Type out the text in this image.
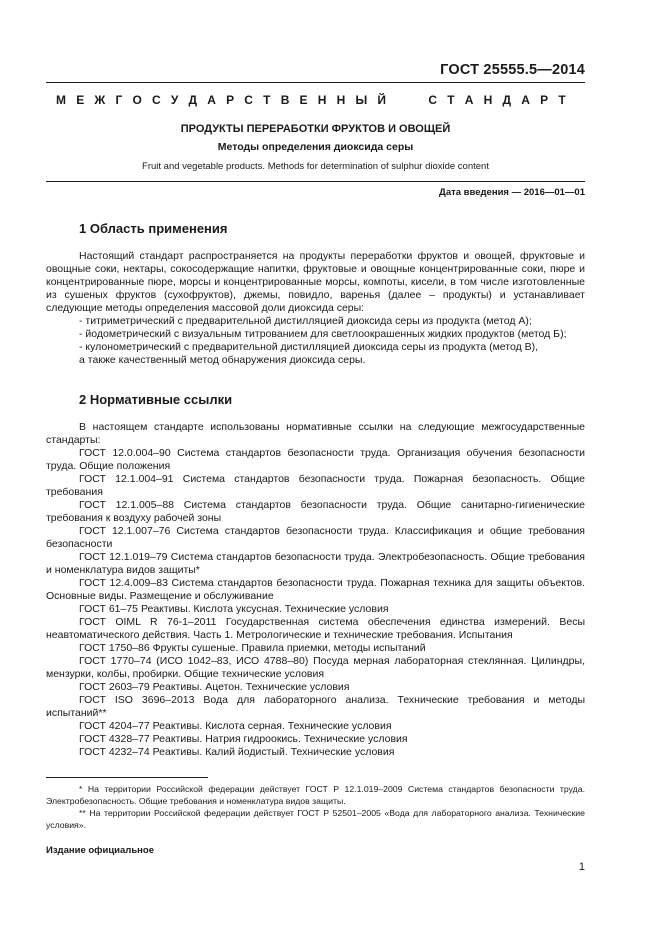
ГОСТ 25555.5—2014
М Е Ж Г О С У Д А Р С Т В Е Н Н Ы Й	С Т А Н Д А Р Т
ПРОДУКТЫ ПЕРЕРАБОТКИ ФРУКТОВ И ОВОЩЕЙ
Методы определения диоксида серы
Fruit and vegetable products. Methods for determination of sulphur dioxide content
Дата введения — 2016—01—01
1 Область применения

Настоящий стандарт распространяется на продукты переработки фруктов и овощей, фруктовые и овощные соки, нектары, сокосодержащие напитки, фруктовые и овощные концентрированные соки, пюре и концентрированные пюре, морсы и концентрированные морсы, компоты, кисели, в том числе изготовленные из сушеных фруктов (сухофруктов), джемы, повидло, варенья (далее – продукты) и устанавливает следующие методы определения массовой доли диоксида серы:

- титриметрический с предварительной дистилляцией диоксида серы из продукта (метод А);

- йодометрический с визуальным титрованием для светлоокрашенных жидких продуктов (метод Б);

- кулонометрический с предварительной дистилляцией диоксида серы из продукта (метод В),

а также качественный метод обнаружения диоксида серы.

2 Нормативные ссылки

В настоящем стандарте использованы нормативные ссылки на следующие межгосударственные стандарты:

ГОСТ 12.0.004–90 Система стандартов безопасности труда. Организация обучения безопасности труда. Общие положения

ГОСТ 12.1.004–91 Система стандартов безопасности труда. Пожарная безопасность. Общие требования

ГОСТ 12.1.005–88 Система стандартов безопасности труда. Общие санитарно-гигиенические требования к воздуху рабочей зоны

ГОСТ 12.1.007–76 Система стандартов безопасности труда. Классификация и общие требования безопасности

ГОСТ 12.1.019–79 Система стандартов безопасности труда. Электробезопасность. Общие требования и номенклатура видов защиты*

ГОСТ 12.4.009–83 Система стандартов безопасности труда. Пожарная техника для защиты объектов. Основные виды. Размещение и обслуживание

ГОСТ 61–75 Реактивы. Кислота уксусная. Технические условия

ГОСТ OIML R 76-1–2011 Государственная система обеспечения единства измерений. Весы неавтоматического действия. Часть 1. Метрологические и технические требования. Испытания

ГОСТ 1750–86 Фрукты сушеные. Правила приемки, методы испытаний

ГОСТ 1770–74 (ИСО 1042–83, ИСО 4788–80) Посуда мерная лабораторная стеклянная. Цилиндры, мензурки, колбы, пробирки. Общие технические условия

ГОСТ 2603–79 Реактивы. Ацетон. Технические условия

ГОСТ ISO 3696–2013 Вода для лабораторного анализа. Технические требования и методы испытаний**

ГОСТ 4204–77 Реактивы. Кислота серная. Технические условия

ГОСТ 4328–77 Реактивы. Натрия гидроокись. Технические условия

ГОСТ 4232–74 Реактивы. Калий йодистый. Технические условия

* На территории Российской федерации действует ГОСТ Р 12.1.019–2009 Система стандартов безопасности труда. Электробезопасность. Общие требования и номенклатура видов защиты.

** На территории Российской федерации действует ГОСТ Р 52501–2005 «Вода для лабораторного анализа. Технические условия».

Издание официальное
1
